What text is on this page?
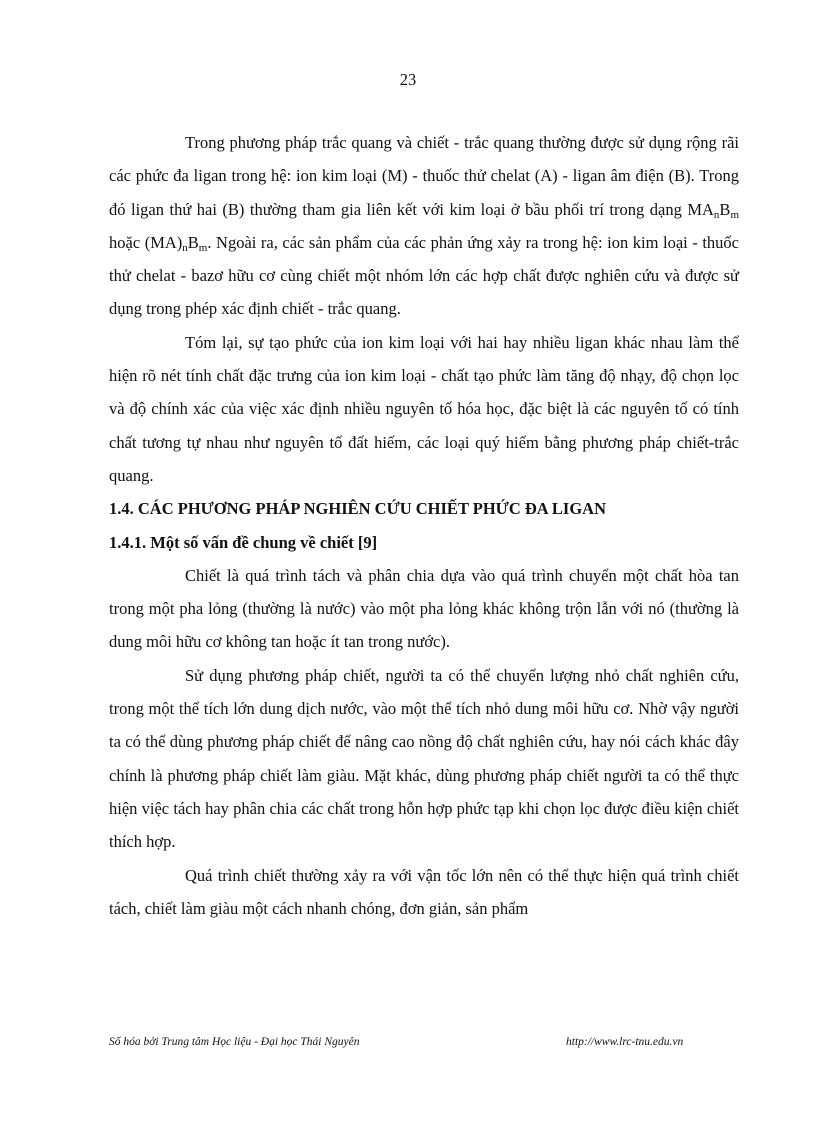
23

Trong phương pháp trắc quang và chiết - trắc quang thường được sử dụng rộng rãi các phức đa ligan trong hệ: ion kim loại (M) - thuốc thử chelat (A) - ligan âm điện (B). Trong đó ligan thứ hai (B) thường tham gia liên kết với kim loại ở bầu phối trí trong dạng $MA_nB_m$ hoặc $(MA)_nB_m$. Ngoài ra, các sản phẩm của các phản ứng xảy ra trong hệ: ion kim loại - thuốc thử chelat - bazơ hữu cơ cùng chiết một nhóm lớn các hợp chất được nghiên cứu và được sử dụng trong phép xác định chiết - trắc quang.

Tóm lại, sự tạo phức của ion kim loại với hai hay nhiều ligan khác nhau làm thể hiện rõ nét tính chất đặc trưng của ion kim loại - chất tạo phức làm tăng độ nhạy, độ chọn lọc và độ chính xác của việc xác định nhiều nguyên tố hóa học, đặc biệt là các nguyên tố có tính chất tương tự nhau như nguyên tố đất hiếm, các loại quý hiếm bằng phương pháp chiết-trắc quang.

1.4. CÁC PHƯƠNG PHÁP NGHIÊN CỨU CHIẾT PHỨC ĐA LIGAN

1.4.1. Một số vấn đề chung về chiết [9]

Chiết là quá trình tách và phân chia dựa vào quá trình chuyển một chất hòa tan trong một pha lỏng (thường là nước) vào một pha lỏng khác không trộn lẫn với nó (thường là dung môi hữu cơ không tan hoặc ít tan trong nước).

Sử dụng phương pháp chiết, người ta có thể chuyển lượng nhỏ chất nghiên cứu, trong một thể tích lớn dung dịch nước, vào một thể tích nhỏ dung môi hữu cơ. Nhờ vậy người ta có thể dùng phương pháp chiết để nâng cao nồng độ chất nghiên cứu, hay nói cách khác đây chính là phương pháp chiết làm giàu. Mặt khác, dùng phương pháp chiết người ta có thể thực hiện việc tách hay phân chia các chất trong hỗn hợp phức tạp khi chọn lọc được điều kiện chiết thích hợp.

Quá trình chiết thường xảy ra với vận tốc lớn nên có thể thực hiện quá trình chiết tách, chiết làm giàu một cách nhanh chóng, đơn giản, sản phẩm

Số hóa bởi Trung tâm Học liệu - Đại học Thái Nguyên	http://www.lrc-tnu.edu.vn
